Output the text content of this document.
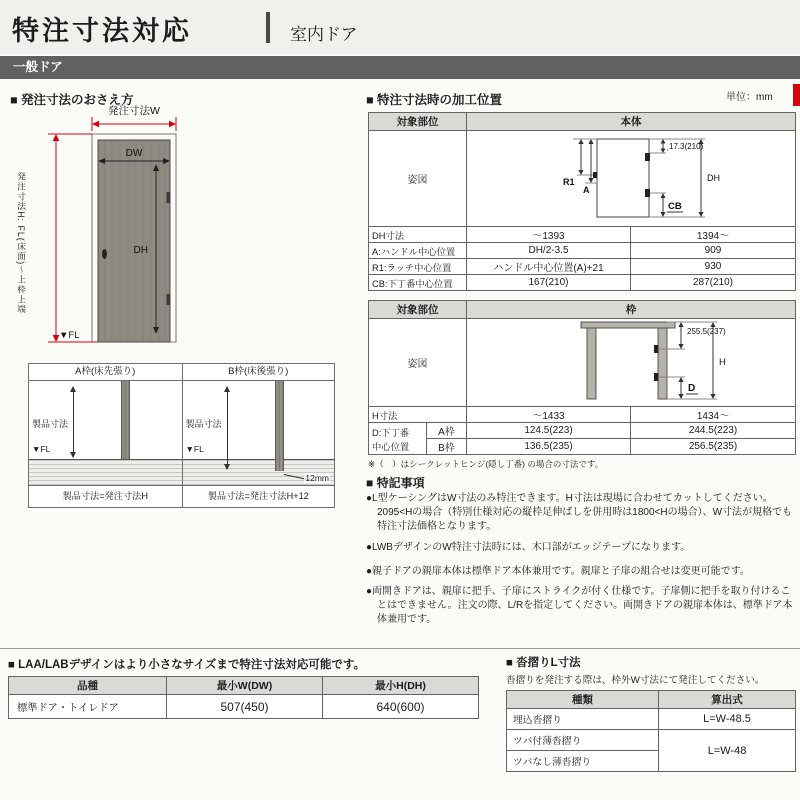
特注寸法対応	室内ドア
一般ドア
■ 発注寸法のおさえ方
発注寸法W
DW
DH
▼FL
発注寸法H: FL(床面)～上枠上端
A枠(床先張り)	B枠(床後張り)
製品寸法
▼FL
製品寸法
▼FL
12mm
製品寸法=発注寸法H	製品寸法=発注寸法H+12
■ 特注寸法時の加工位置	単位：mm
対象部位	本体	
姿図	17.3(210)
DH
R1
A
CB	

DH寸法	～1393	1394～
A:ハンドル中心位置	DH/2-3.5	909
R1:ラッチ中心位置	ハンドル中心位置(A)+21	930
CB:下丁番中心位置	167(210)	287(210)
対象部位		枠	
姿図		255.5(237)
H
D	

H寸法		～1433	1434～
D:下丁番
中心位置	A枠	124.5(223)	244.5(223)
	B枠	136.5(235)	256.5(235)
※（　）はシークレットヒンジ(隠し丁番) の場合の寸法です。
■ 特記事項

●L型ケーシングはW寸法のみ特注できます。H寸法は現場に合わせてカットしてください。2095<Hの場合（特別仕様対応の縦枠足伸ばしを併用時は1800<Hの場合）、W寸法が規格でも特注寸法価格となります。

●LWBデザインのW特注寸法時には、木口部がエッジテープになります。

●親子ドアの親扉本体は標準ドア本体兼用です。親扉と子扉の組合せは変更可能です。

●両開きドアは、親扉に把手、子扉にストライクが付く仕様です。子扉側に把手を取り付けることはできません。注文の際、L/Rを指定してください。両開きドアの親扉本体は、標準ドア本体兼用です。

■ LAA/LABデザインはより小さなサイズまで特注寸法対応可能です。
品種	最小W(DW)	最小H(DH)
標準ドア・トイレドア	507(450)	640(600)
■ 沓摺りL寸法
沓摺りを発注する際は、枠外W寸法にて発注してください。
種類	算出式
埋込沓摺り	L=W-48.5
ツバ付薄沓摺り	L=W-48
ツバなし薄沓摺り	
